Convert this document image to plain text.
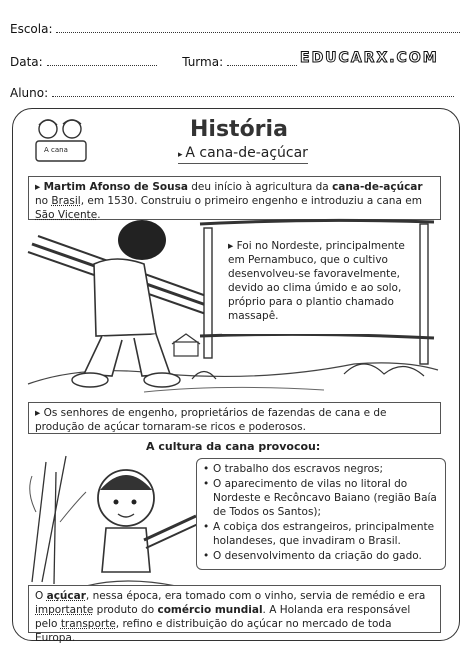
Escola:
Data:	Turma:	EDUCARX.COM
Aluno:
A cana
História
▸ A cana-de-açúcar
▸ Martim Afonso de Sousa deu início à agricultura da cana-de-açúcar no Brasil, em 1530. Construiu o primeiro engenho e introduziu a cana em São Vicente.
▸ Foi no Nordeste, principalmente em Pernambuco, que o cultivo desenvolveu-se favoravelmente, devido ao clima úmido e ao solo, próprio para o plantio chamado massapê.
▸ Os senhores de engenho, proprietários de fazendas de cana e de produção de açúcar tornaram-se ricos e poderosos.
A cultura da cana provocou:
• O trabalho dos escravos negros;
• O aparecimento de vilas no litoral do Nordeste e Recôncavo Baiano (região Baía de Todos os Santos);
• A cobiça dos estrangeiros, principalmente holandeses, que invadiram o Brasil.
• O desenvolvimento da criação do gado.
O açúcar, nessa época, era tomado com o vinho, servia de remédio e era importante produto do comércio mundial. A Holanda era responsável pelo transporte, refino e distribuição do açúcar no mercado de toda Europa.
